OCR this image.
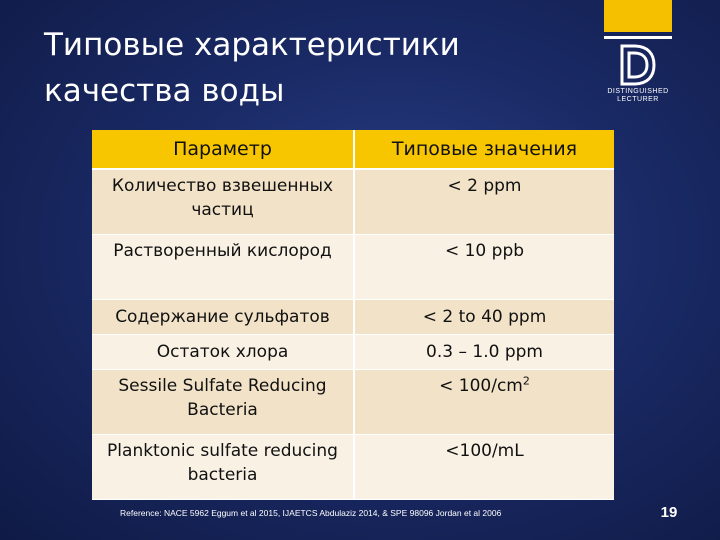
Типовые характеристики
качества воды	DISTINGUISHED
LECTURER
Параметр	Типовые значения
Количество взвешенных частиц	< 2 ppm
Растворенный кислород	< 10 ppb
Содержание сульфатов	< 2 to 40 ppm
Остаток хлора	0.3 – 1.0 ppm
Sessile Sulfate Reducing Bacteria	< $100/cm^2$
Planktonic sulfate reducing bacteria	<100/mL
Reference: NACE 5962 Eggum et al 2015, IJAETCS Abdulaziz 2014, & SPE 98096 Jordan et al 2006	19
